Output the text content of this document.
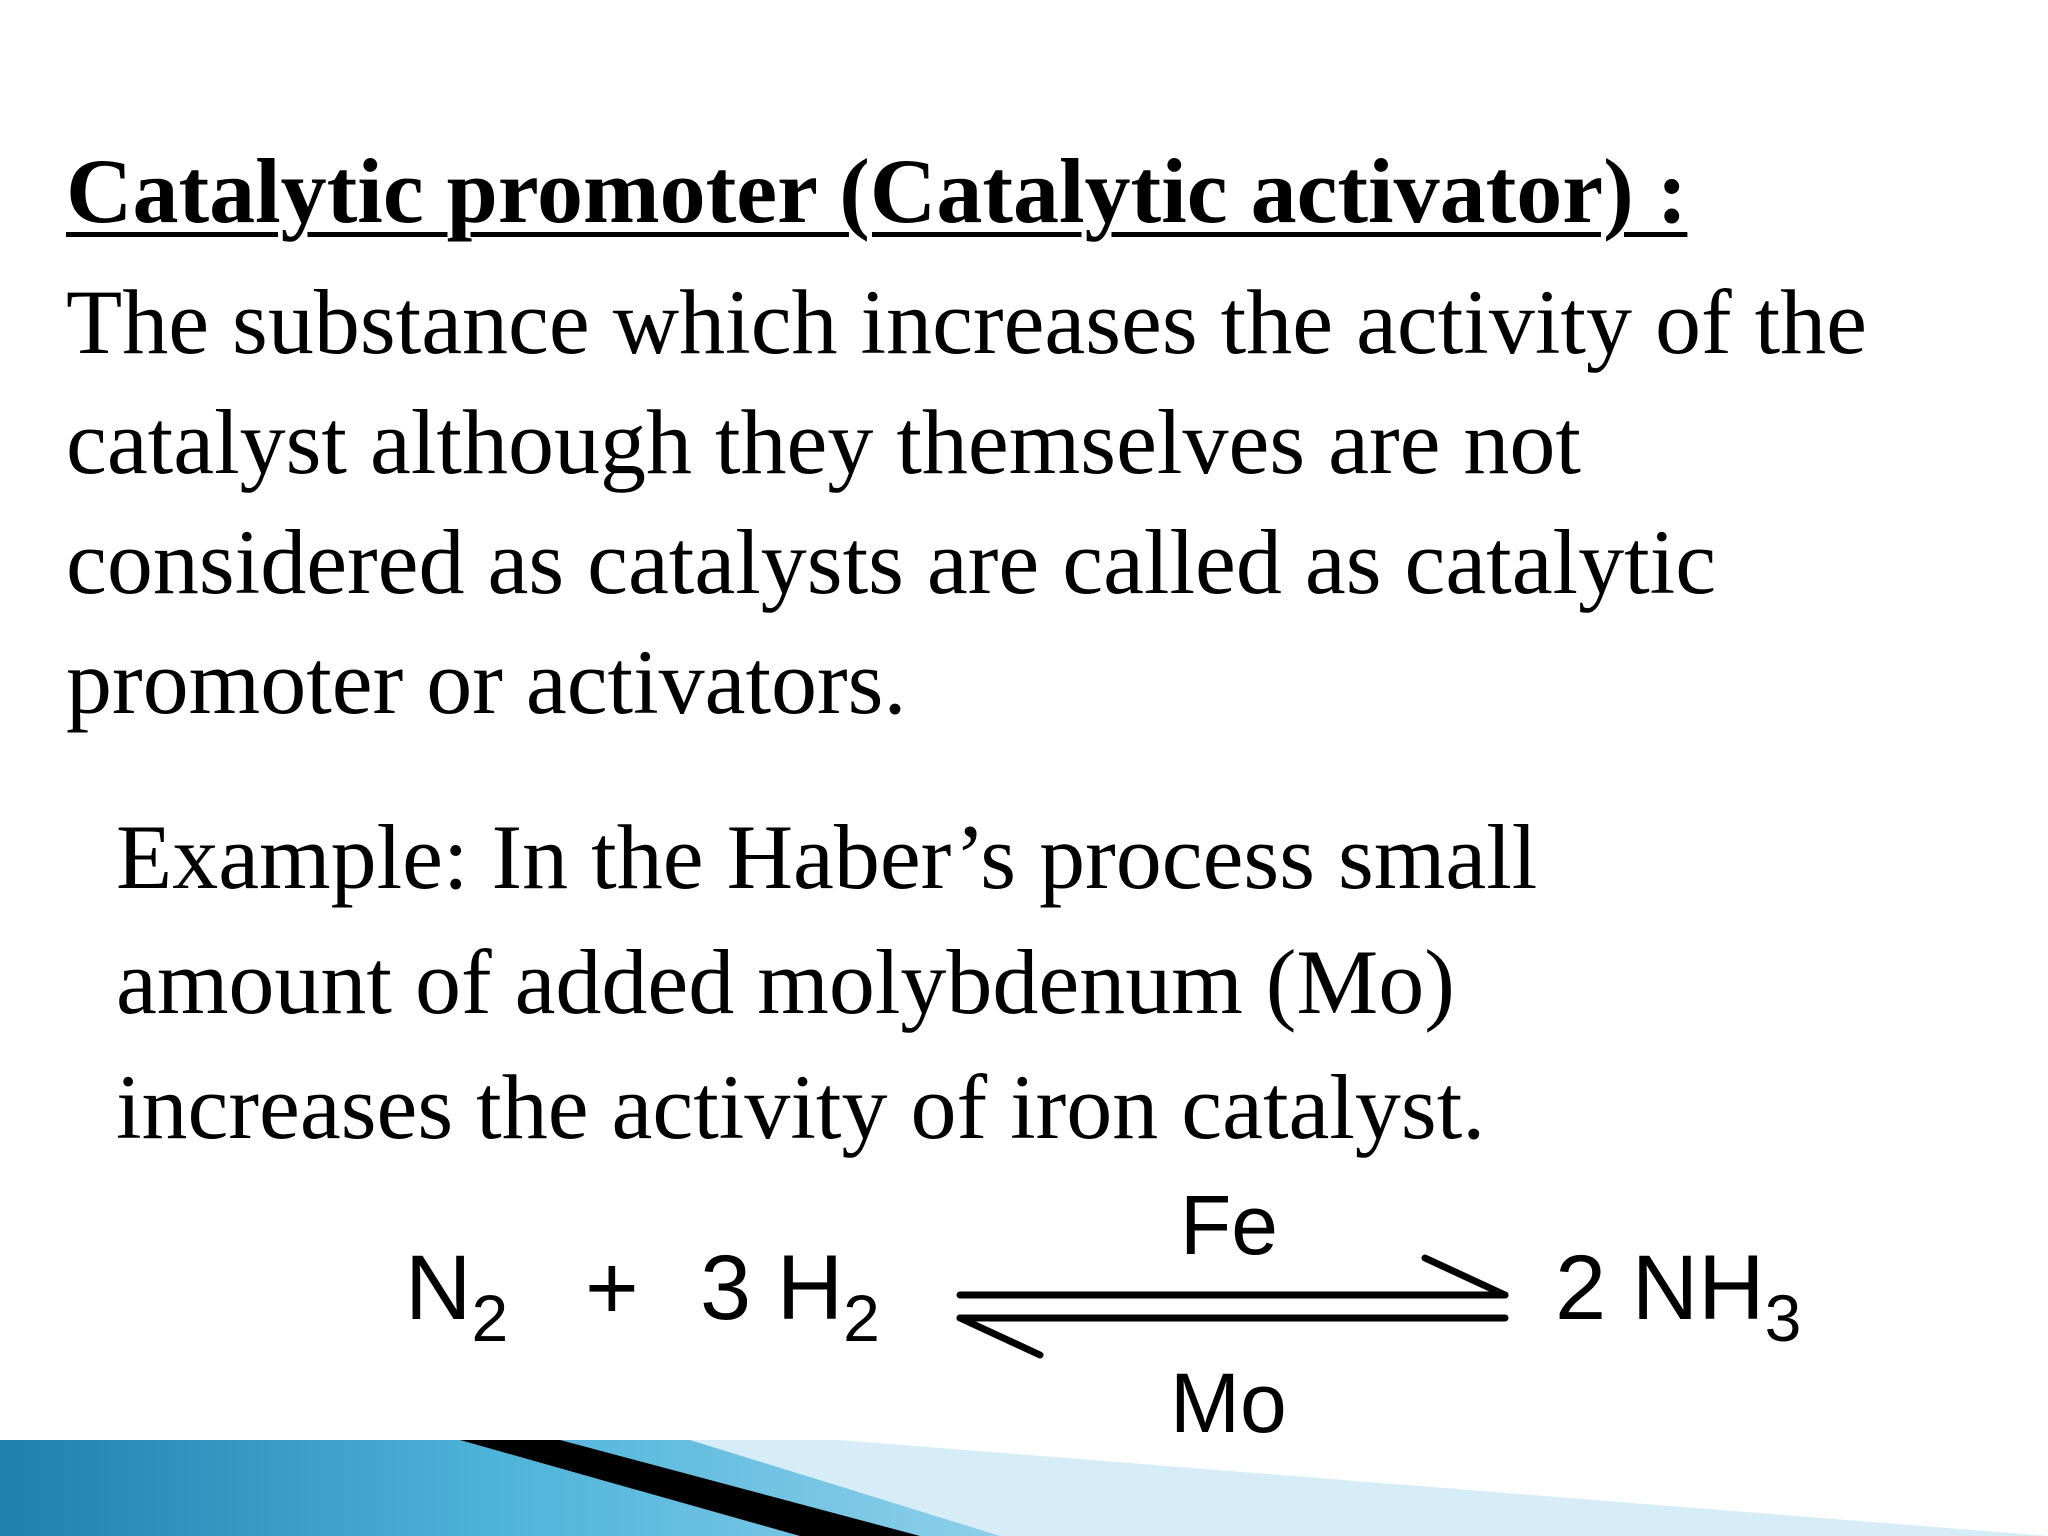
Catalytic promoter (Catalytic activator) :
The substance which increases the activity of the
catalyst although they themselves are not
considered as catalysts are called as catalytic
promoter or activators.
Example: In the Haber’s process small
amount of added molybdenum (Mo)
increases the activity of iron catalyst.
$N_2 + 3$ $H_2$
Fe
Mo
2 $NH_3$
